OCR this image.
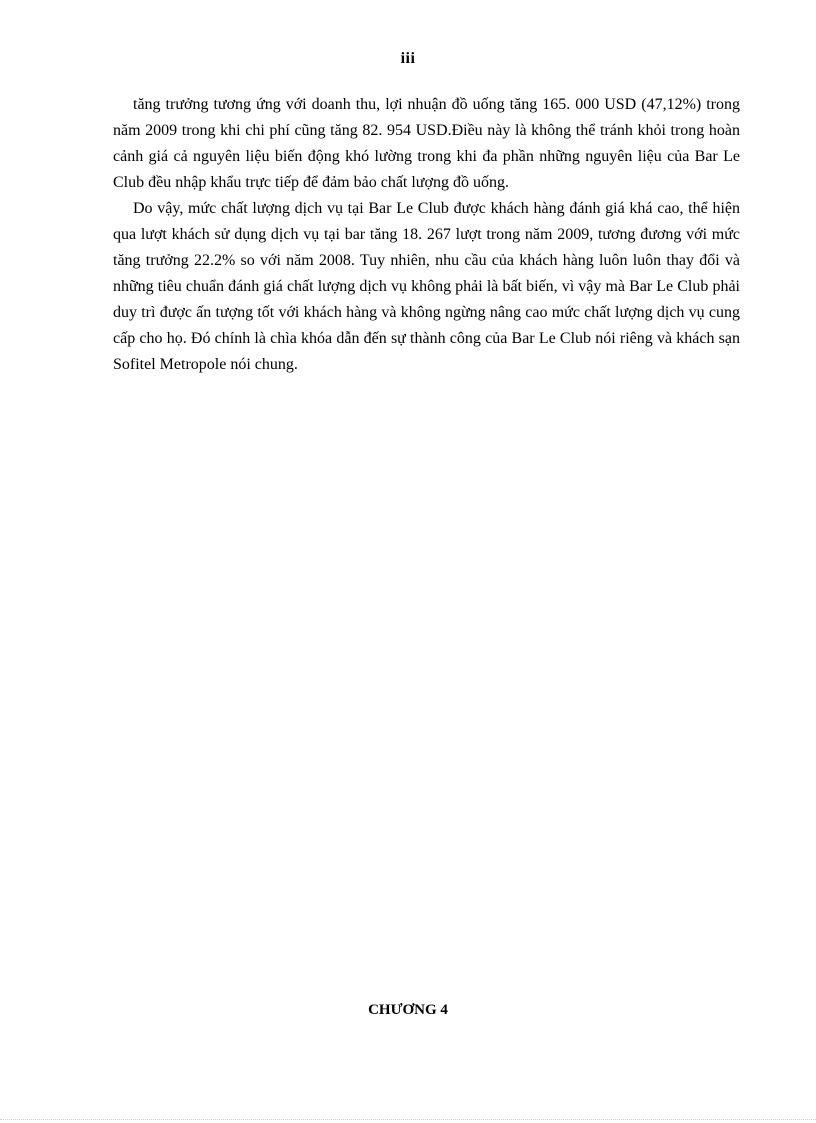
iii

tăng trưởng tương ứng với doanh thu, lợi nhuận đồ uống tăng 165. 000 USD (47,12%) trong năm 2009 trong khi chi phí cũng tăng 82. 954 USD.Điều này là không thể tránh khỏi trong hoàn cảnh giá cả nguyên liệu biến động khó lường trong khi đa phần những nguyên liệu của Bar Le Club đều nhập khẩu trực tiếp để đảm bảo chất lượng đồ uống.

Do vậy, mức chất lượng dịch vụ tại Bar Le Club được khách hàng đánh giá khá cao, thể hiện qua lượt khách sử dụng dịch vụ tại bar tăng 18. 267 lượt trong năm 2009, tương đương với mức tăng trưởng 22.2% so với năm 2008. Tuy nhiên, nhu cầu của khách hàng luôn luôn thay đổi và những tiêu chuẩn đánh giá chất lượng dịch vụ không phải là bất biến, vì vậy mà Bar Le Club phải duy trì được ấn tượng tốt với khách hàng và không ngừng nâng cao mức chất lượng dịch vụ cung cấp cho họ. Đó chính là chìa khóa dẫn đến sự thành công của Bar Le Club nói riêng và khách sạn Sofitel Metropole nói chung.

CHƯƠNG 4
